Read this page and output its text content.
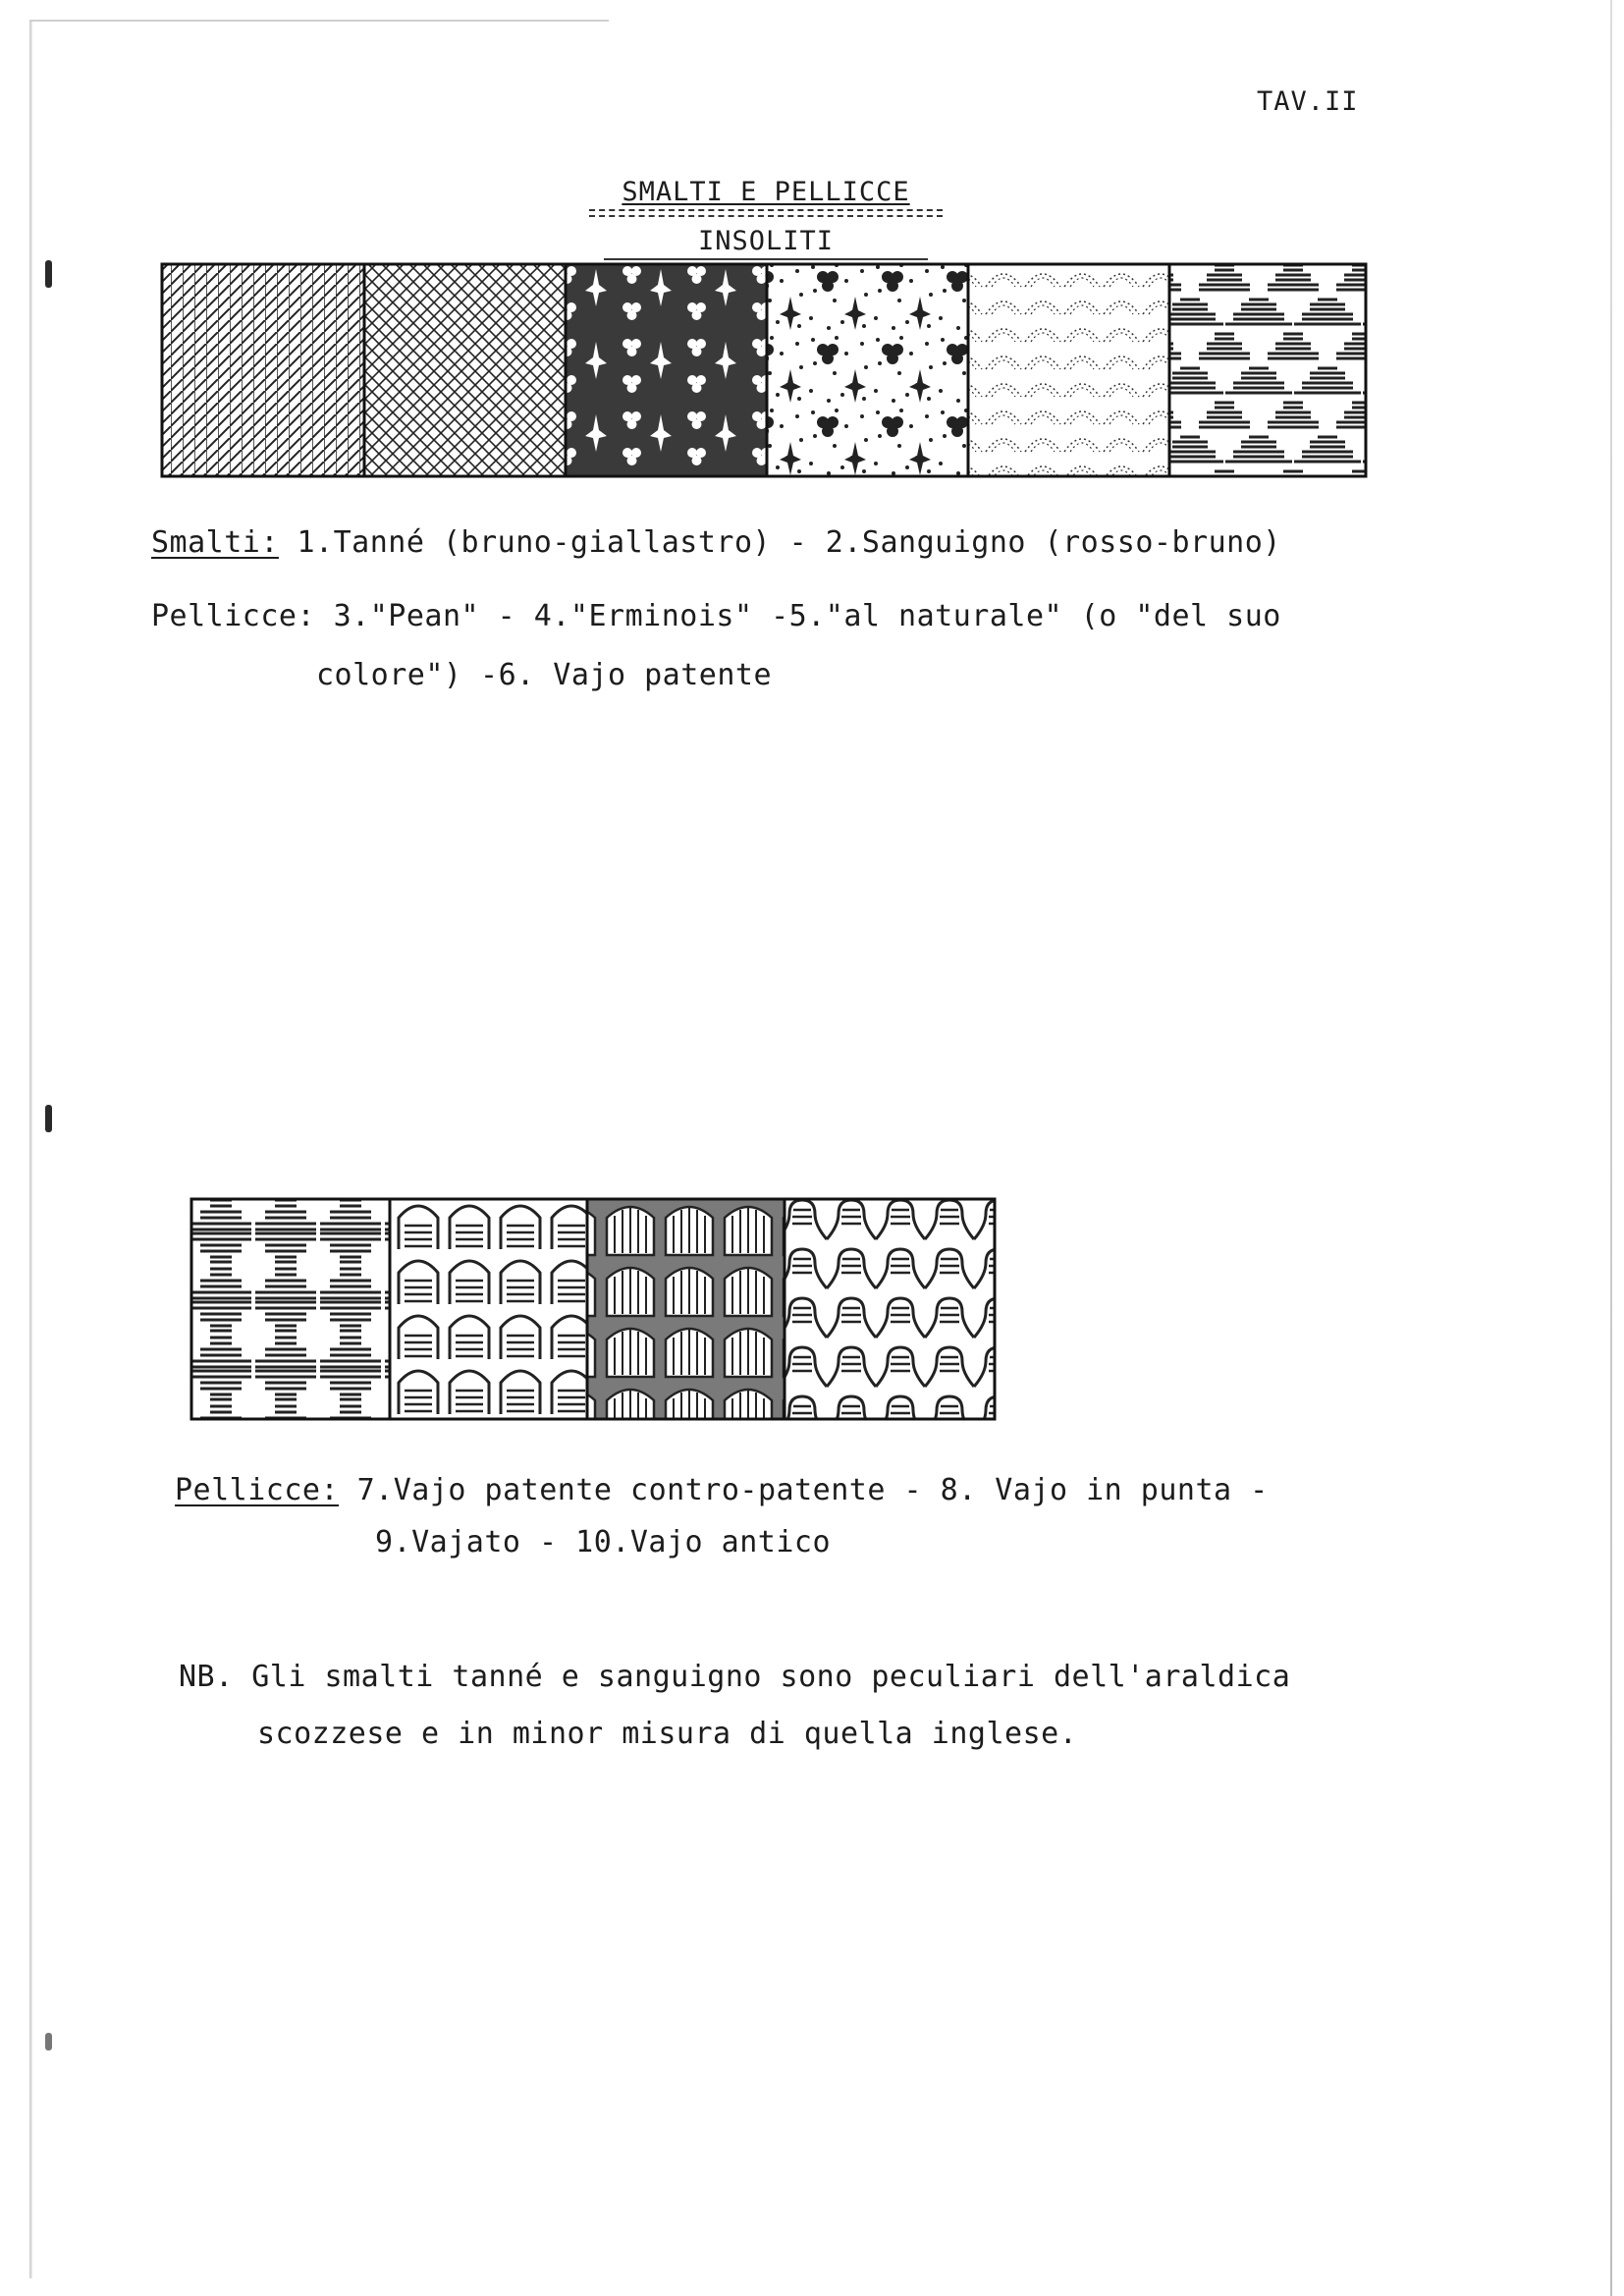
TAV.II
SMALTI E PELLICCE
INSOLITI
Smalti: 1.Tanné (bruno-giallastro) - 2.Sanguigno (rosso-bruno)
Pellicce: 3."Pean" - 4."Erminois" -5."al naturale" (o "del suo
colore") -6. Vajo patente
Pellicce: 7.Vajo patente contro-patente - 8. Vajo in punta -
9.Vajato - 10.Vajo antico
NB. Gli smalti tanné e sanguigno sono peculiari dell'araldica
scozzese e in minor misura di quella inglese.
